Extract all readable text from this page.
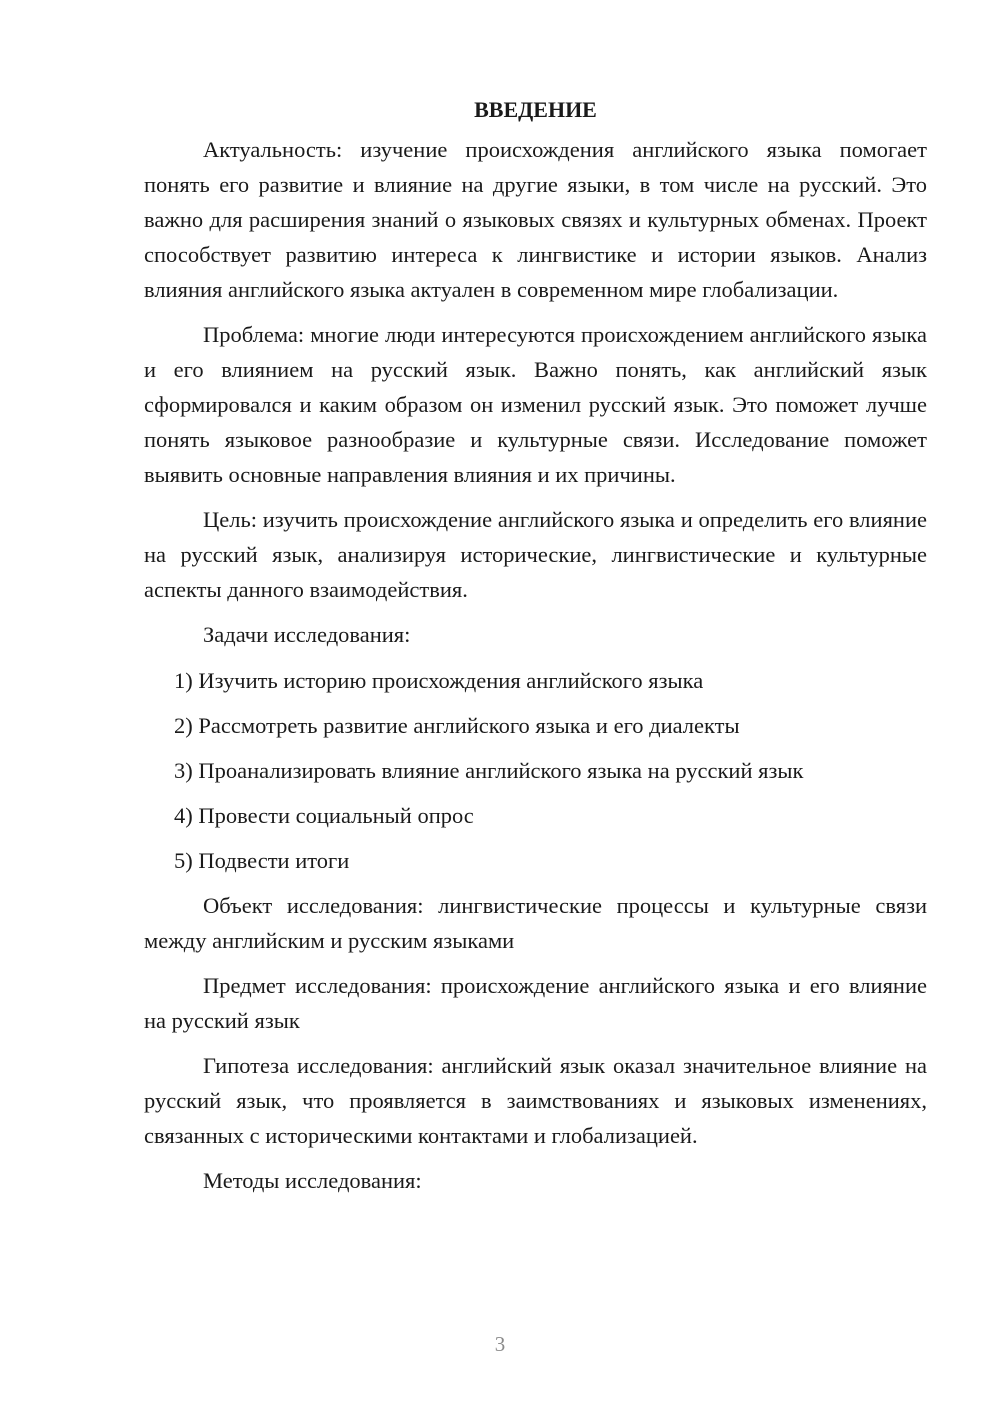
ВВЕДЕНИЕ

Актуальность: изучение происхождения английского языка помогает понять его развитие и влияние на другие языки, в том числе на русский. Это важно для расширения знаний о языковых связях и культурных обменах. Проект способствует развитию интереса к лингвистике и истории языков. Анализ влияния английского языка актуален в современном мире глобализации.

Проблема: многие люди интересуются происхождением английского языка и его влиянием на русский язык. Важно понять, как английский язык сформировался и каким образом он изменил русский язык. Это поможет лучше понять языковое разнообразие и культурные связи. Исследование поможет выявить основные направления влияния и их причины.

Цель: изучить происхождение английского языка и определить его влияние на русский язык, анализируя исторические, лингвистические и культурные аспекты данного взаимодействия.

Задачи исследования:

1) Изучить историю происхождения английского языка
2) Рассмотреть развитие английского языка и его диалекты
3) Проанализировать влияние английского языка на русский язык
4) Провести социальный опрос
5) Подвести итоги

Объект исследования: лингвистические процессы и культурные связи между английским и русским языками

Предмет исследования: происхождение английского языка и его влияние на русский язык

Гипотеза исследования: английский язык оказал значительное влияние на русский язык, что проявляется в заимствованиях и языковых изменениях, связанных с историческими контактами и глобализацией.

Методы исследования:

3
